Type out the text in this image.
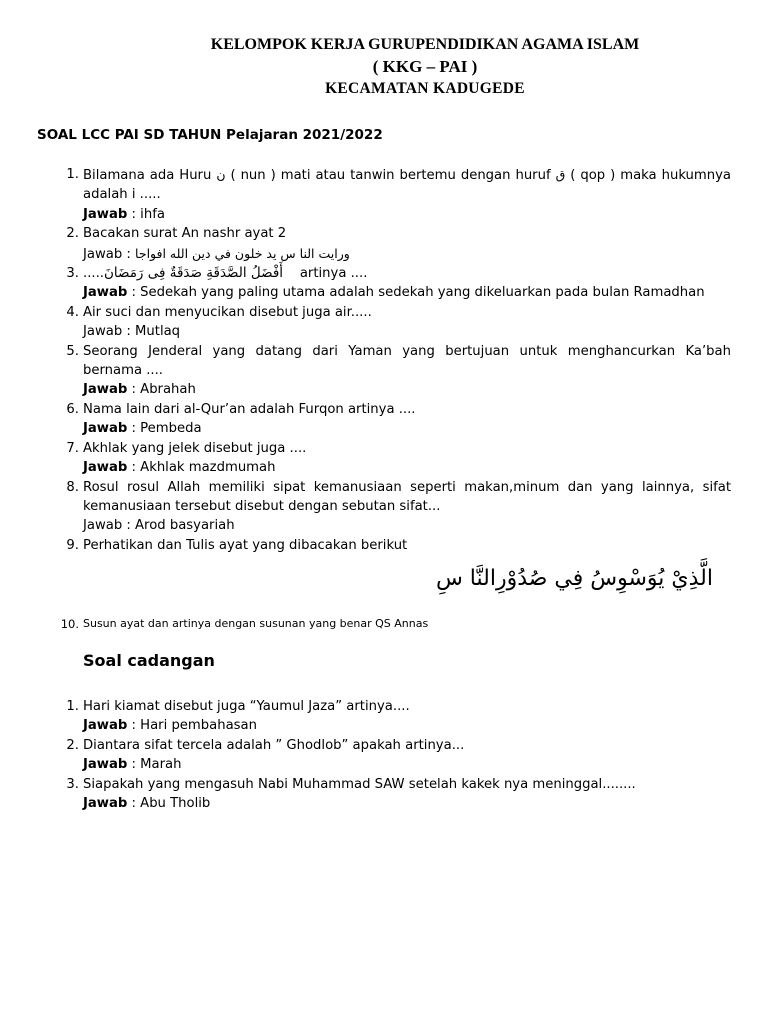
KELOMPOK KERJA GURUPENDIDIKAN AGAMA ISLAM
( KKG – PAI )
KECAMATAN KADUGEDE
SOAL LCC PAI SD TAHUN Pelajaran 2021/2022
1. Bilamana ada Huru ن ( nun ) mati atau tanwin bertemu dengan huruf ق ( qop ) maka hukumnya adalah i .....
Jawab : ihfa
2. Bacakan surat An nashr ayat 2
Jawab : ورايت النا س يد خلون في دين الله افواجا
3. .....أَفْضَلُ الصَّدَقَةِ صَدَقَةٌ فِى رَمَضَانَ artinya ....
Jawab : Sedekah yang paling utama adalah sedekah yang dikeluarkan pada bulan Ramadhan
4. Air suci dan menyucikan disebut juga air.....
Jawab : Mutlaq
5. Seorang Jenderal yang datang dari Yaman yang bertujuan untuk menghancurkan Ka’bah bernama ....
Jawab : Abrahah
6. Nama lain dari al-Qur’an adalah Furqon artinya ....
Jawab : Pembeda
7. Akhlak yang jelek disebut juga ....
Jawab : Akhlak mazdmumah
8. Rosul rosul Allah memiliki sipat kemanusiaan seperti makan,minum dan yang lainnya, sifat kemanusiaan tersebut disebut dengan sebutan sifat...
Jawab : Arod basyariah
9. Perhatikan dan Tulis ayat yang dibacakan berikut
الَّذِيْ يُوَسْوِسُ فِي صُدُوْرِالنَّا سِ
10. Susun ayat dan artinya dengan susunan yang benar QS Annas
Soal cadangan
1. Hari kiamat disebut juga “Yaumul Jaza” artinya....
Jawab : Hari pembahasan
2. Diantara sifat tercela adalah ” Ghodlob” apakah artinya...
Jawab : Marah
3. Siapakah yang mengasuh Nabi Muhammad SAW setelah kakek nya meninggal........
Jawab : Abu Tholib
